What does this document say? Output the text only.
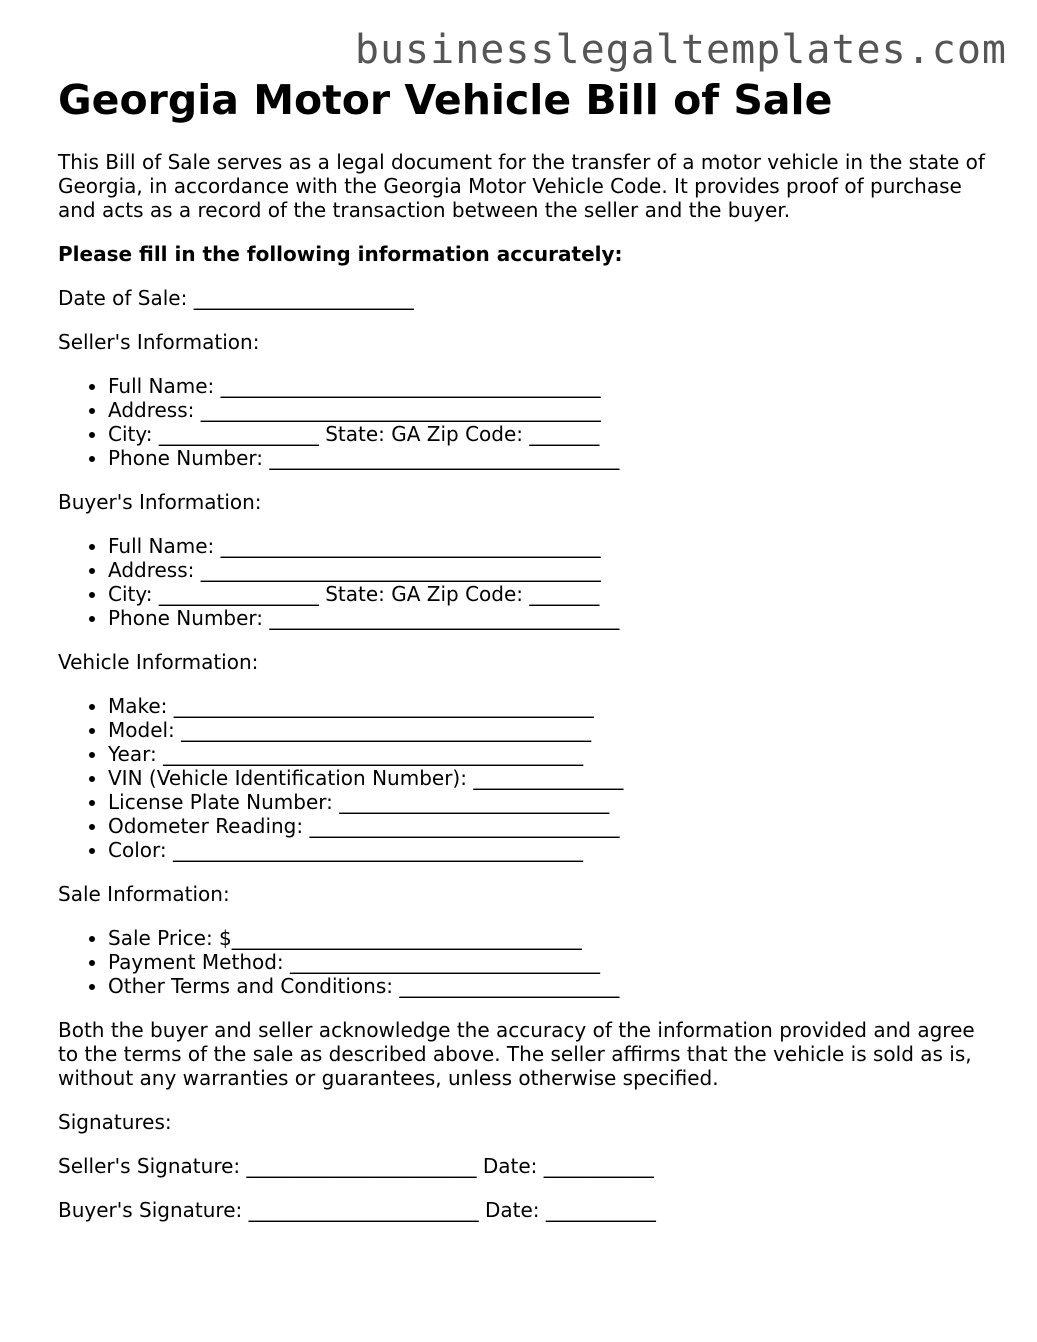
businesslegaltemplates.com
Georgia Motor Vehicle Bill of Sale

This Bill of Sale serves as a legal document for the transfer of a motor vehicle in the state of Georgia, in accordance with the Georgia Motor Vehicle Code. It provides proof of purchase and acts as a record of the transaction between the seller and the buyer.

Please fill in the following information accurately:

Date of Sale: ______________________

Seller's Information:

• Full Name: ______________________________________
• Address: ________________________________________
• City: ________________ State: GA Zip Code: _______
• Phone Number: ___________________________________

Buyer's Information:

• Full Name: ______________________________________
• Address: ________________________________________
• City: ________________ State: GA Zip Code: _______
• Phone Number: ___________________________________

Vehicle Information:

• Make: __________________________________________
• Model: _________________________________________
• Year: __________________________________________
• VIN (Vehicle Identification Number): _______________
• License Plate Number: ___________________________
• Odometer Reading: _______________________________
• Color: _________________________________________

Sale Information:

• Sale Price: $___________________________________
• Payment Method: _______________________________
• Other Terms and Conditions: ______________________

Both the buyer and seller acknowledge the accuracy of the information provided and agree to the terms of the sale as described above. The seller affirms that the vehicle is sold as is, without any warranties or guarantees, unless otherwise specified.

Signatures:

Seller's Signature: _______________________ Date: ___________

Buyer's Signature: _______________________ Date: ___________
